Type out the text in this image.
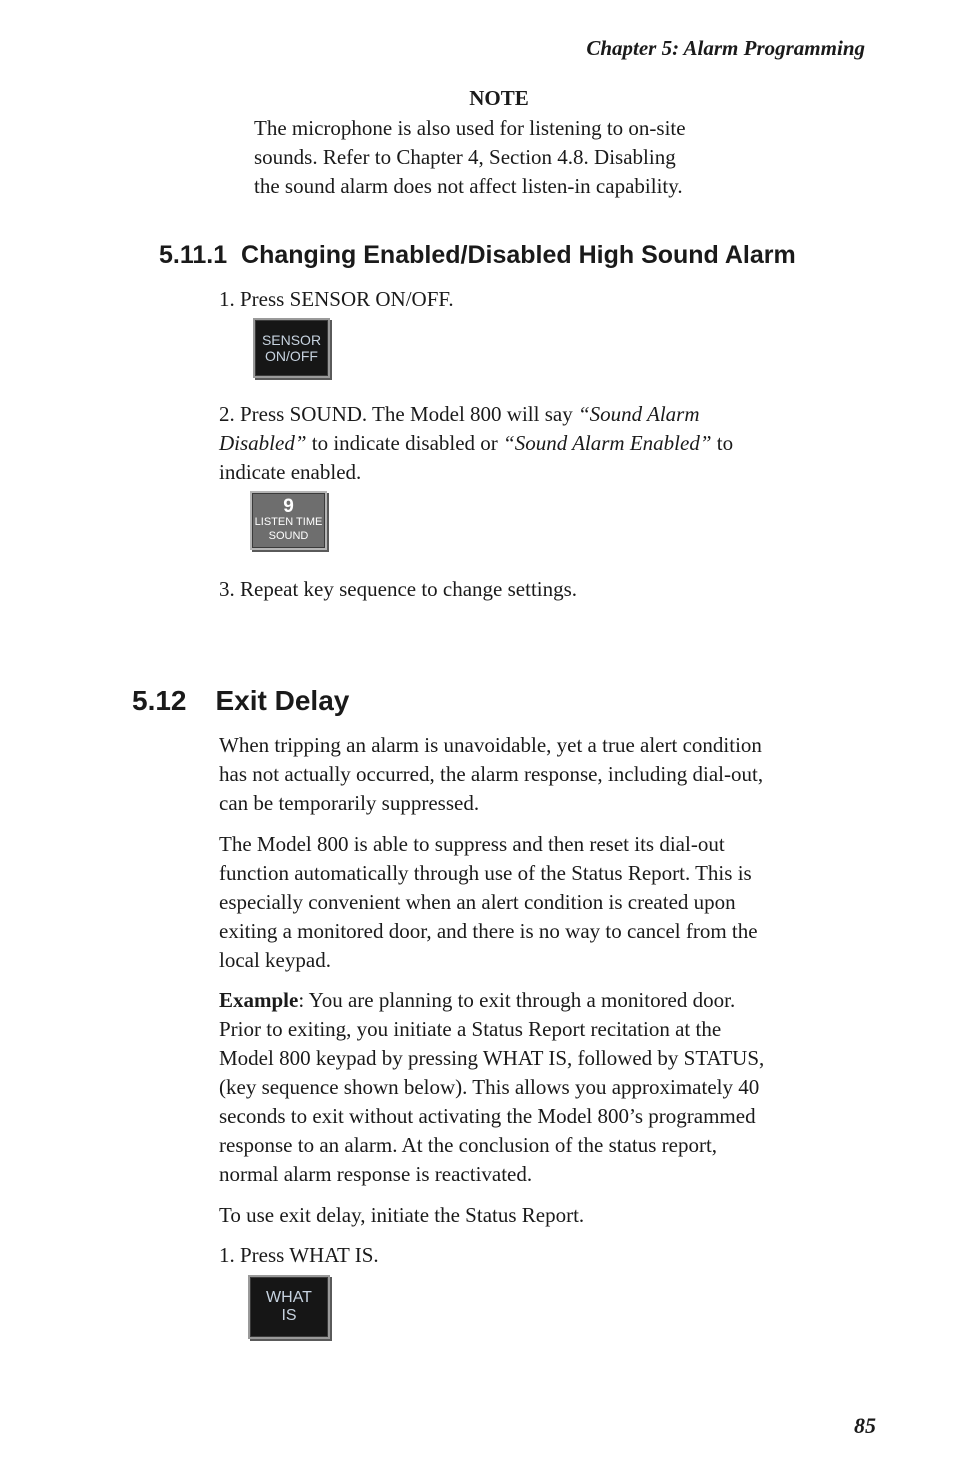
Chapter 5: Alarm Programming
NOTE
The microphone is also used for listening to on-site
sounds. Refer to Chapter 4, Section 4.8. Disabling
the sound alarm does not affect listen-in capability.
5.11.1 Changing Enabled/Disabled High Sound Alarm
1. Press SENSOR ON/OFF.
SENSOR
ON/OFF
2. Press SOUND. The Model 800 will say “Sound Alarm
Disabled” to indicate disabled or “Sound Alarm Enabled” to
indicate enabled.
9
LISTEN TIME
SOUND
3. Repeat key sequence to change settings.
5.12 Exit Delay
When tripping an alarm is unavoidable, yet a true alert condition
has not actually occurred, the alarm response, including dial-out,
can be temporarily suppressed.
The Model 800 is able to suppress and then reset its dial-out
function automatically through use of the Status Report. This is
especially convenient when an alert condition is created upon
exiting a monitored door, and there is no way to cancel from the
local keypad.
Example: You are planning to exit through a monitored door.
Prior to exiting, you initiate a Status Report recitation at the
Model 800 keypad by pressing WHAT IS, followed by STATUS,
(key sequence shown below). This allows you approximately 40
seconds to exit without activating the Model 800’s programmed
response to an alarm. At the conclusion of the status report,
normal alarm response is reactivated.
To use exit delay, initiate the Status Report.
1. Press WHAT IS.
WHAT
IS
85
